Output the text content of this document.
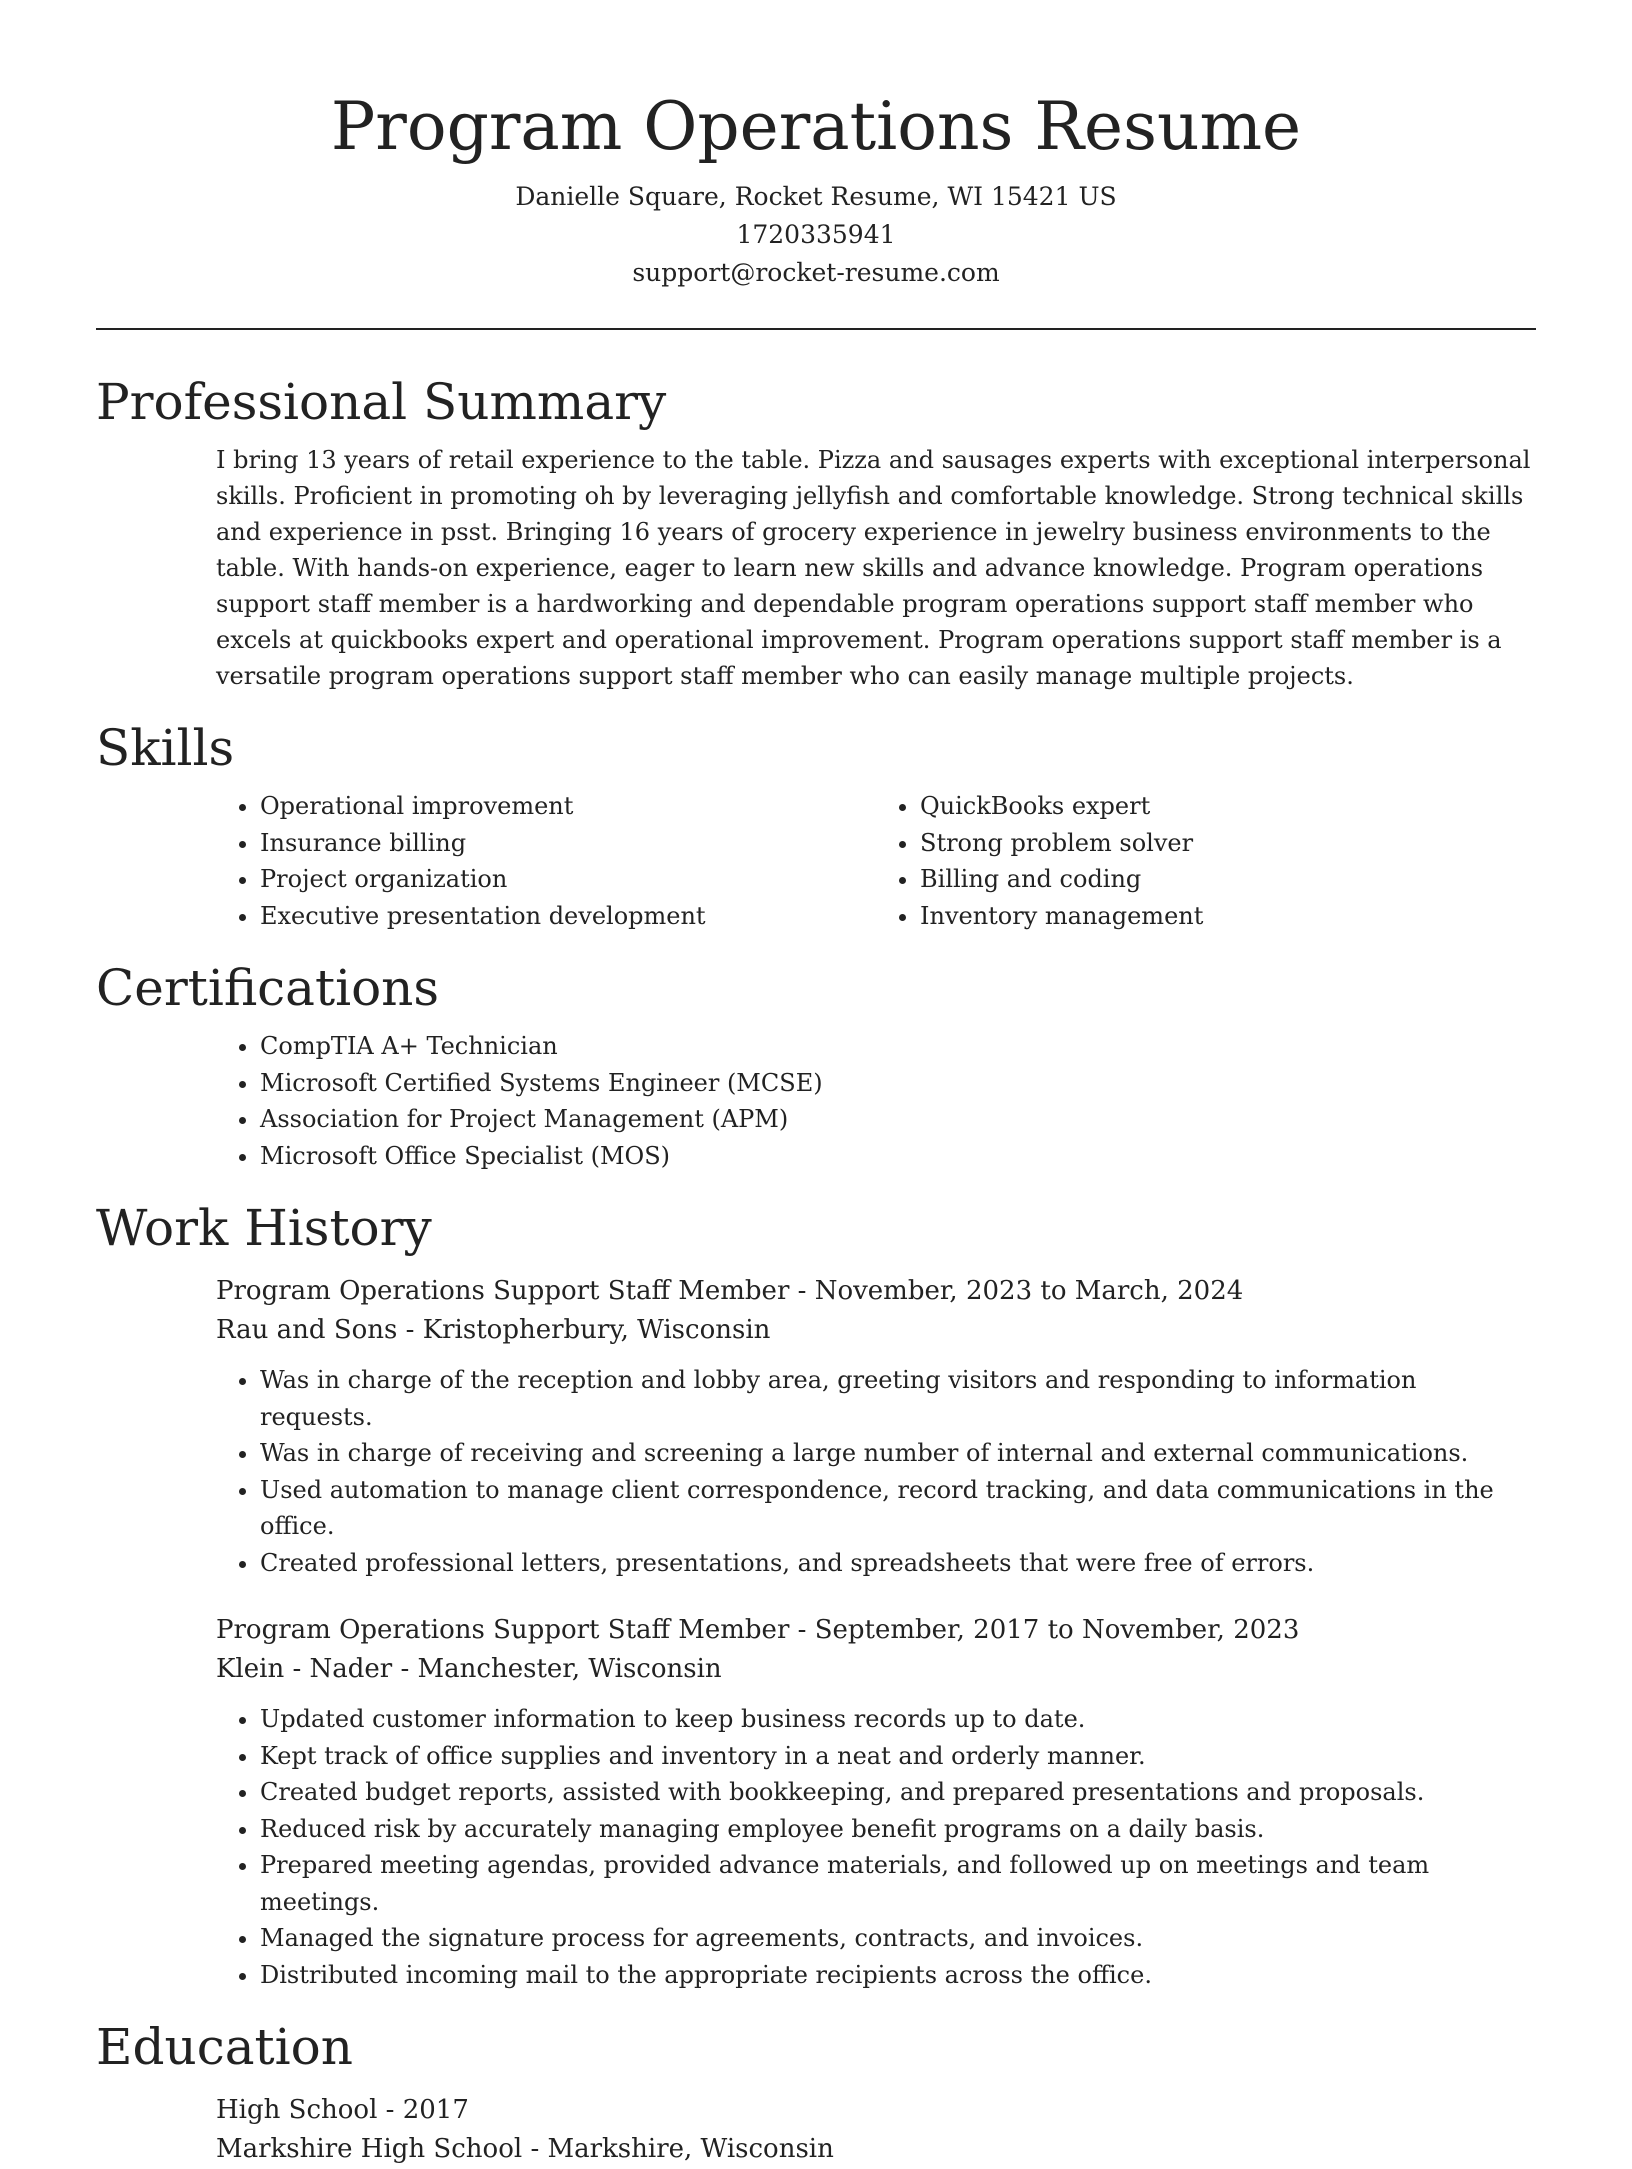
Program Operations Resume
Danielle Square, Rocket Resume, WI 15421 US
1720335941
support@rocket-resume.com
Professional Summary

I bring 13 years of retail experience to the table. Pizza and sausages experts with exceptional interpersonal skills. Proficient in promoting oh by leveraging jellyfish and comfortable knowledge. Strong technical skills and experience in psst. Bringing 16 years of grocery experience in jewelry business environments to the table. With hands-on experience, eager to learn new skills and advance knowledge. Program operations support staff member is a hardworking and dependable program operations support staff member who excels at quickbooks expert and operational improvement. Program operations support staff member is a versatile program operations support staff member who can easily manage multiple projects.

Skills
• Operational improvement
• Insurance billing
• Project organization
• Executive presentation development
• QuickBooks expert
• Strong problem solver
• Billing and coding
• Inventory management
Certifications
• CompTIA A+ Technician
• Microsoft Certified Systems Engineer (MCSE)
• Association for Project Management (APM)
• Microsoft Office Specialist (MOS)
Work History
Program Operations Support Staff Member - November, 2023 to March, 2024
Rau and Sons - Kristopherbury, Wisconsin
• Was in charge of the reception and lobby area, greeting visitors and responding to information requests.
• Was in charge of receiving and screening a large number of internal and external communications.
• Used automation to manage client correspondence, record tracking, and data communications in the office.
• Created professional letters, presentations, and spreadsheets that were free of errors.
Program Operations Support Staff Member - September, 2017 to November, 2023
Klein - Nader - Manchester, Wisconsin
• Updated customer information to keep business records up to date.
• Kept track of office supplies and inventory in a neat and orderly manner.
• Created budget reports, assisted with bookkeeping, and prepared presentations and proposals.
• Reduced risk by accurately managing employee benefit programs on a daily basis.
• Prepared meeting agendas, provided advance materials, and followed up on meetings and team meetings.
• Managed the signature process for agreements, contracts, and invoices.
• Distributed incoming mail to the appropriate recipients across the office.
Education
High School - 2017
Markshire High School - Markshire, Wisconsin
